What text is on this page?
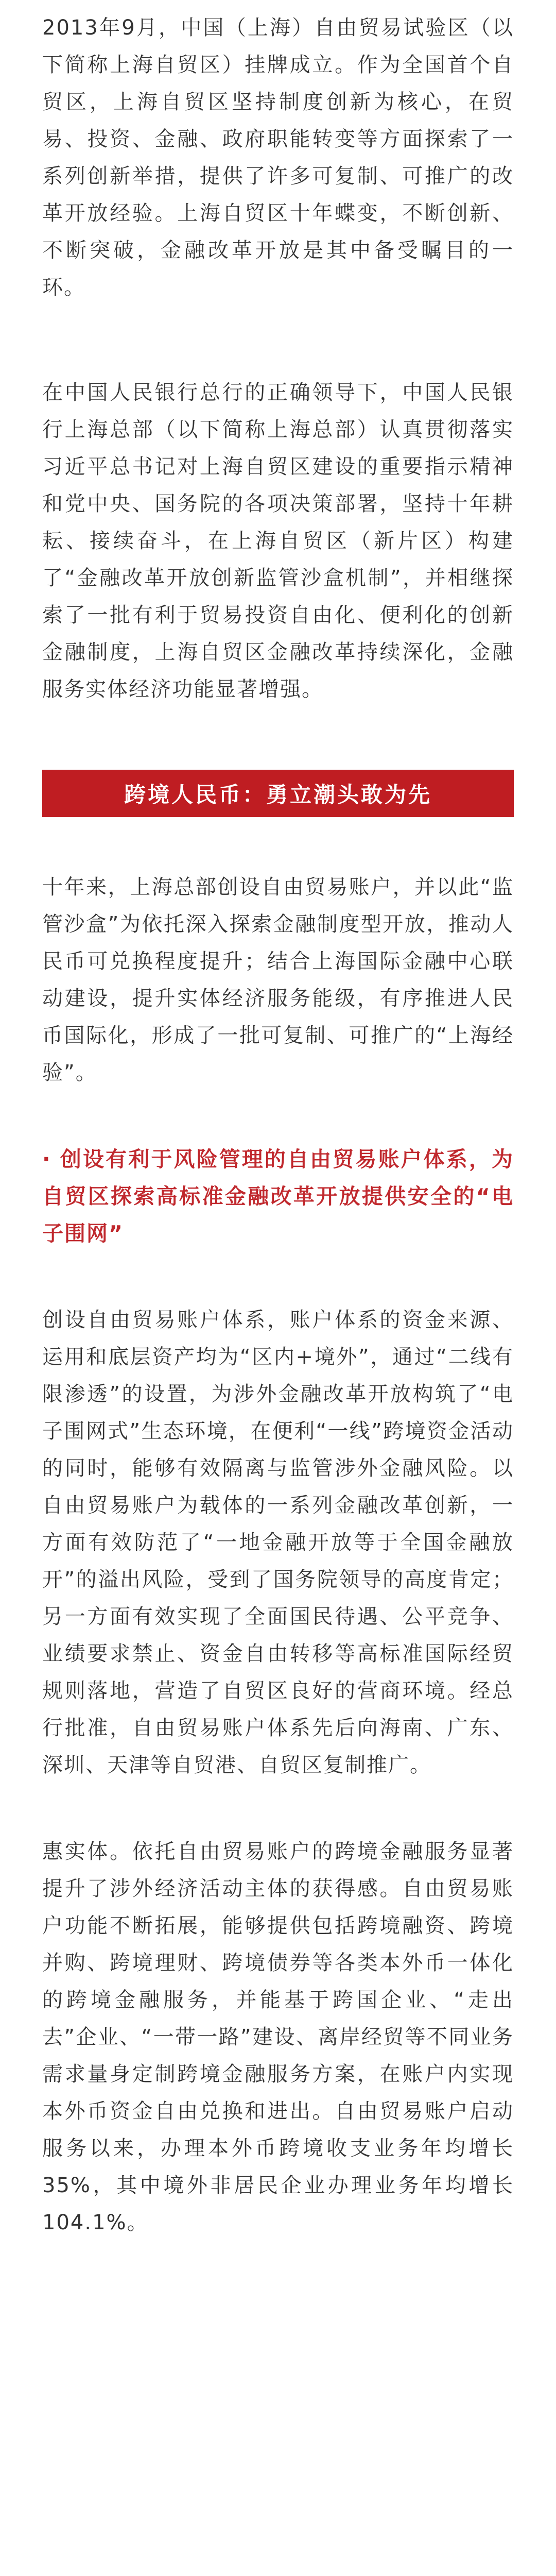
2013年9月，中国（上海）自由贸易试验区（以下简称上海自贸区）挂牌成立。作为全国首个自贸区，上海自贸区坚持制度创新为核心，在贸易、投资、金融、政府职能转变等方面探索了一系列创新举措，提供了许多可复制、可推广的改革开放经验。上海自贸区十年蝶变，不断创新、不断突破，金融改革开放是其中备受瞩目的一环。

在中国人民银行总行的正确领导下，中国人民银行上海总部（以下简称上海总部）认真贯彻落实习近平总书记对上海自贸区建设的重要指示精神和党中央、国务院的各项决策部署，坚持十年耕耘、接续奋斗，在上海自贸区（新片区）构建了“金融改革开放创新监管沙盒机制”，并相继探索了一批有利于贸易投资自由化、便利化的创新金融制度，上海自贸区金融改革持续深化，金融服务实体经济功能显著增强。

跨境人民币：勇立潮头敢为先

十年来，上海总部创设自由贸易账户，并以此“监管沙盒”为依托深入探索金融制度型开放，推动人民币可兑换程度提升；结合上海国际金融中心联动建设，提升实体经济服务能级，有序推进人民币国际化，形成了一批可复制、可推广的“上海经验”。

· 创设有利于风险管理的自由贸易账户体系，为自贸区探索高标准金融改革开放提供安全的“电子围网”

创设自由贸易账户体系，账户体系的资金来源、运用和底层资产均为“区内+境外”，通过“二线有限渗透”的设置，为涉外金融改革开放构筑了“电子围网式”生态环境，在便利“一线”跨境资金活动的同时，能够有效隔离与监管涉外金融风险。以自由贸易账户为载体的一系列金融改革创新，一方面有效防范了“一地金融开放等于全国金融放开”的溢出风险，受到了国务院领导的高度肯定；另一方面有效实现了全面国民待遇、公平竞争、业绩要求禁止、资金自由转移等高标准国际经贸规则落地，营造了自贸区良好的营商环境。经总行批准，自由贸易账户体系先后向海南、广东、深圳、天津等自贸港、自贸区复制推广。

惠实体。依托自由贸易账户的跨境金融服务显著提升了涉外经济活动主体的获得感。自由贸易账户功能不断拓展，能够提供包括跨境融资、跨境并购、跨境理财、跨境债券等各类本外币一体化的跨境金融服务，并能基于跨国企业、“走出去”企业、“一带一路”建设、离岸经贸等不同业务需求量身定制跨境金融服务方案，在账户内实现本外币资金自由兑换和进出。自由贸易账户启动服务以来，办理本外币跨境收支业务年均增长35%，其中境外非居民企业办理业务年均增长104.1%。
